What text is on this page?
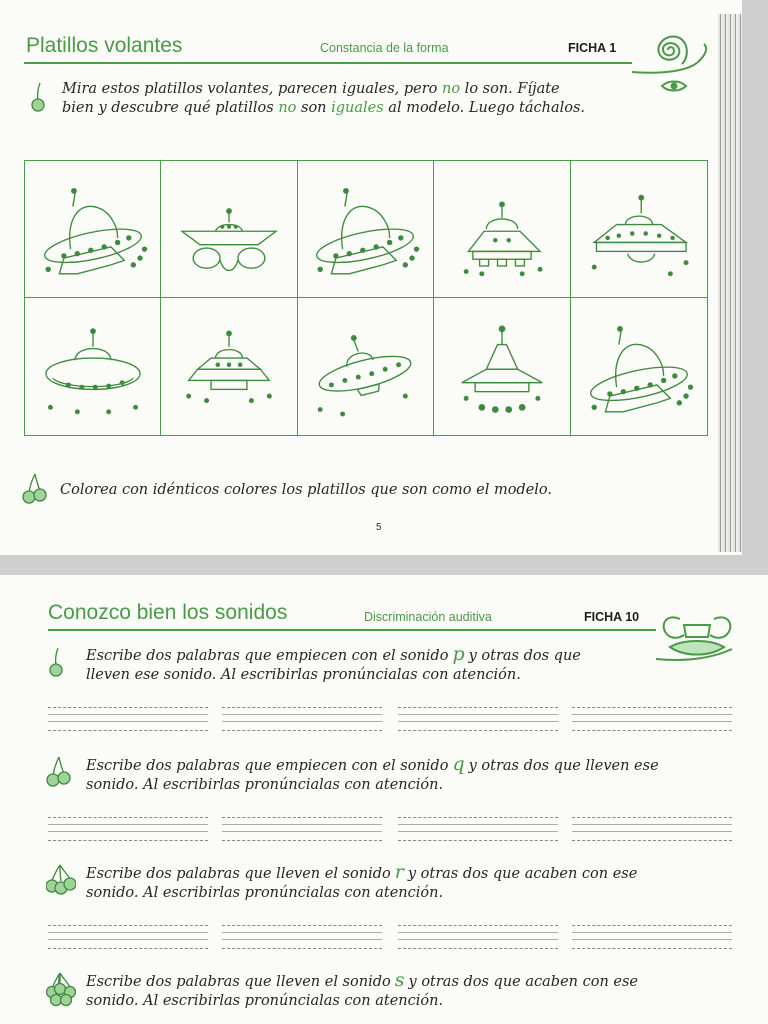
Platillos volantes	Constancia de la forma	FICHA 1
Mira estos platillos volantes, parecen iguales, pero no lo son. Fíjate
bien y descubre qué platillos no son iguales al modelo. Luego táchalos.
Colorea con idénticos colores los platillos que son como el modelo.
5
Conozco bien los sonidos	Discriminación auditiva	FICHA 10
Escribe dos palabras que empiecen con el sonido p y otras dos que
lleven ese sonido. Al escribirlas pronúncialas con atención.
Escribe dos palabras que empiecen con el sonido q y otras dos que lleven ese
sonido. Al escribirlas pronúncialas con atención.
Escribe dos palabras que lleven el sonido r y otras dos que acaben con ese
sonido. Al escribirlas pronúncialas con atención.
Escribe dos palabras que lleven el sonido s y otras dos que acaben con ese
sonido. Al escribirlas pronúncialas con atención.
